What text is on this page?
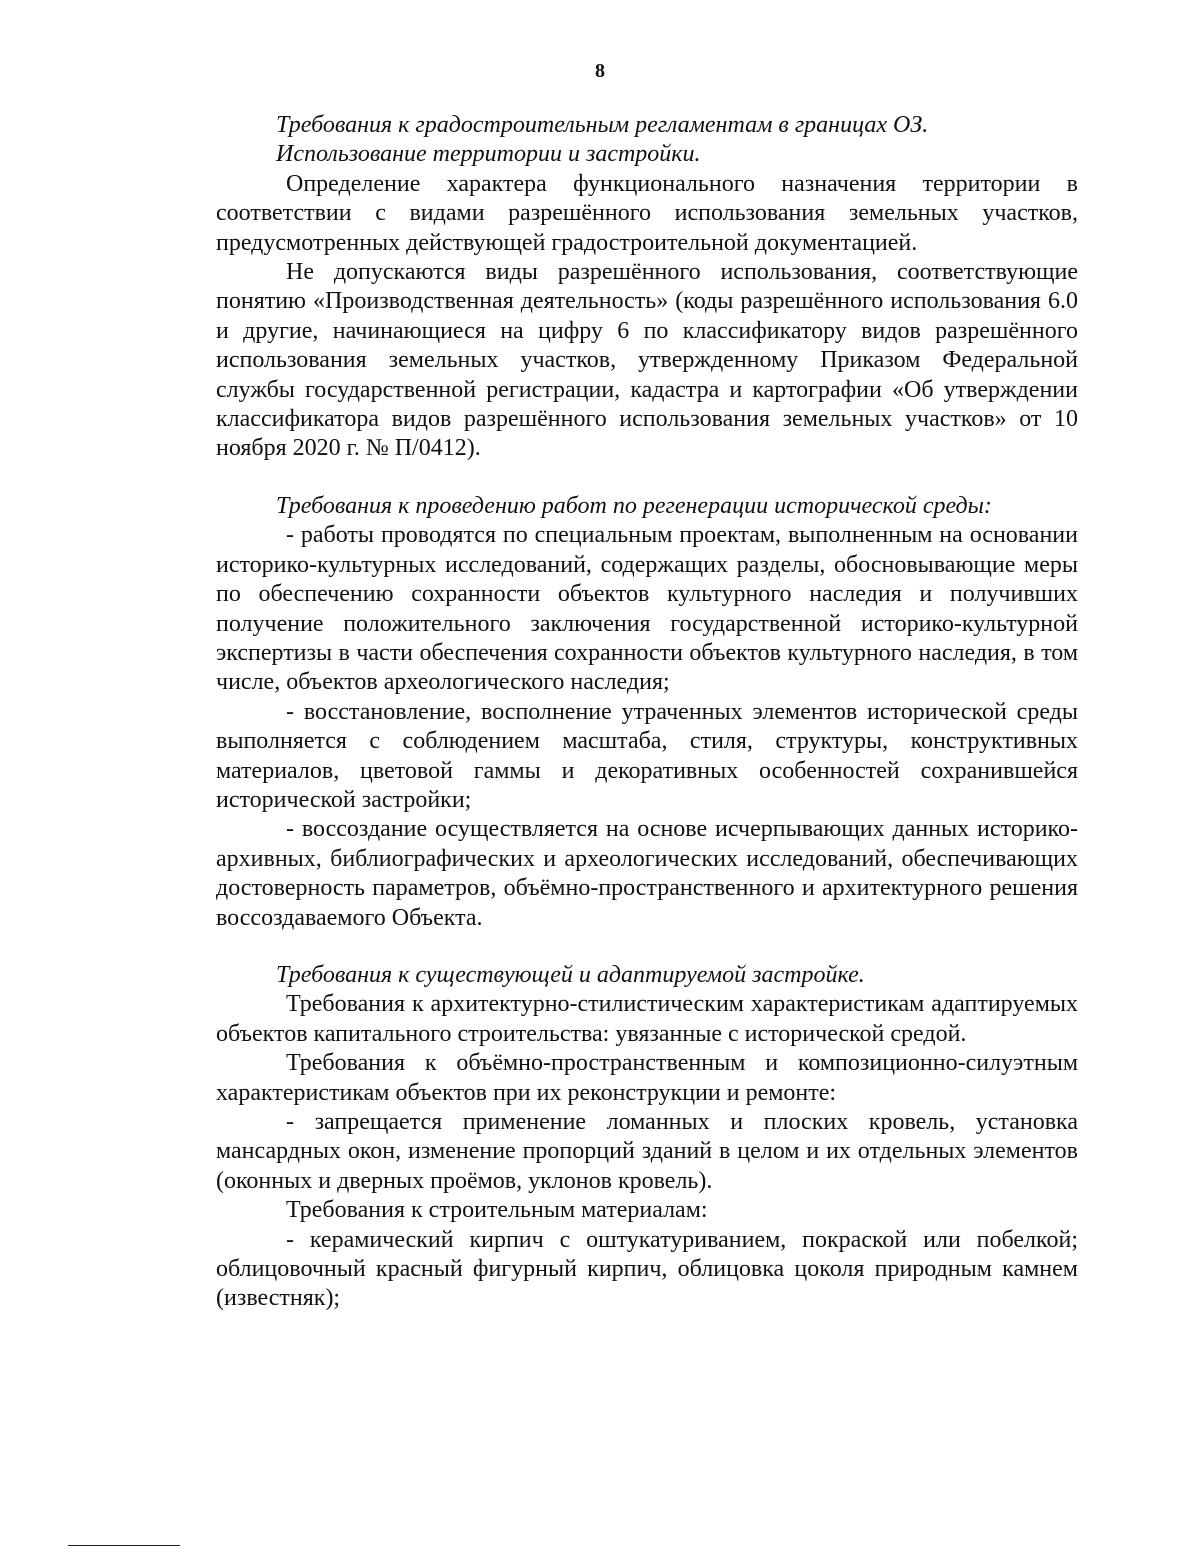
8

Требования к градостроительным регламентам в границах ОЗ.

Использование территории и застройки.

Определение характера функционального назначения территории в соответствии с видами разрешённого использования земельных участков, предусмотренных действующей градостроительной документацией.

Не допускаются виды разрешённого использования, соответствующие понятию «Производственная деятельность» (коды разрешённого использования 6.0 и другие, начинающиеся на цифру 6 по классификатору видов разрешённого использования земельных участков, утвержденному Приказом Федеральной службы государственной регистрации, кадастра и картографии «Об утверждении классификатора видов разрешённого использования земельных участков» от 10 ноября 2020 г. № П/0412).

Требования к проведению работ по регенерации исторической среды:

- работы проводятся по специальным проектам, выполненным на основании историко-культурных исследований, содержащих разделы, обосновывающие меры по обеспечению сохранности объектов культурного наследия и получивших получение положительного заключения государственной историко-культурной экспертизы в части обеспечения сохранности объектов культурного наследия, в том числе, объектов археологического наследия;

- восстановление, восполнение утраченных элементов исторической среды выполняется с соблюдением масштаба, стиля, структуры, конструктивных материалов, цветовой гаммы и декоративных особенностей сохранившейся исторической застройки;

- воссоздание осуществляется на основе исчерпывающих данных историко-архивных, библиографических и археологических исследований, обеспечивающих достоверность параметров, объёмно-пространственного и архитектурного решения воссоздаваемого Объекта.

Требования к существующей и адаптируемой застройке.

Требования к архитектурно-стилистическим характеристикам адаптируемых объектов капитального строительства: увязанные с исторической средой.

Требования к объёмно-пространственным и композиционно-силуэтным характеристикам объектов при их реконструкции и ремонте:

- запрещается применение ломанных и плоских кровель, установка мансардных окон, изменение пропорций зданий в целом и их отдельных элементов (оконных и дверных проёмов, уклонов кровель).

Требования к строительным материалам:

- керамический кирпич с оштукатуриванием, покраской или побелкой; облицовочный красный фигурный кирпич, облицовка цоколя природным камнем (известняк);
